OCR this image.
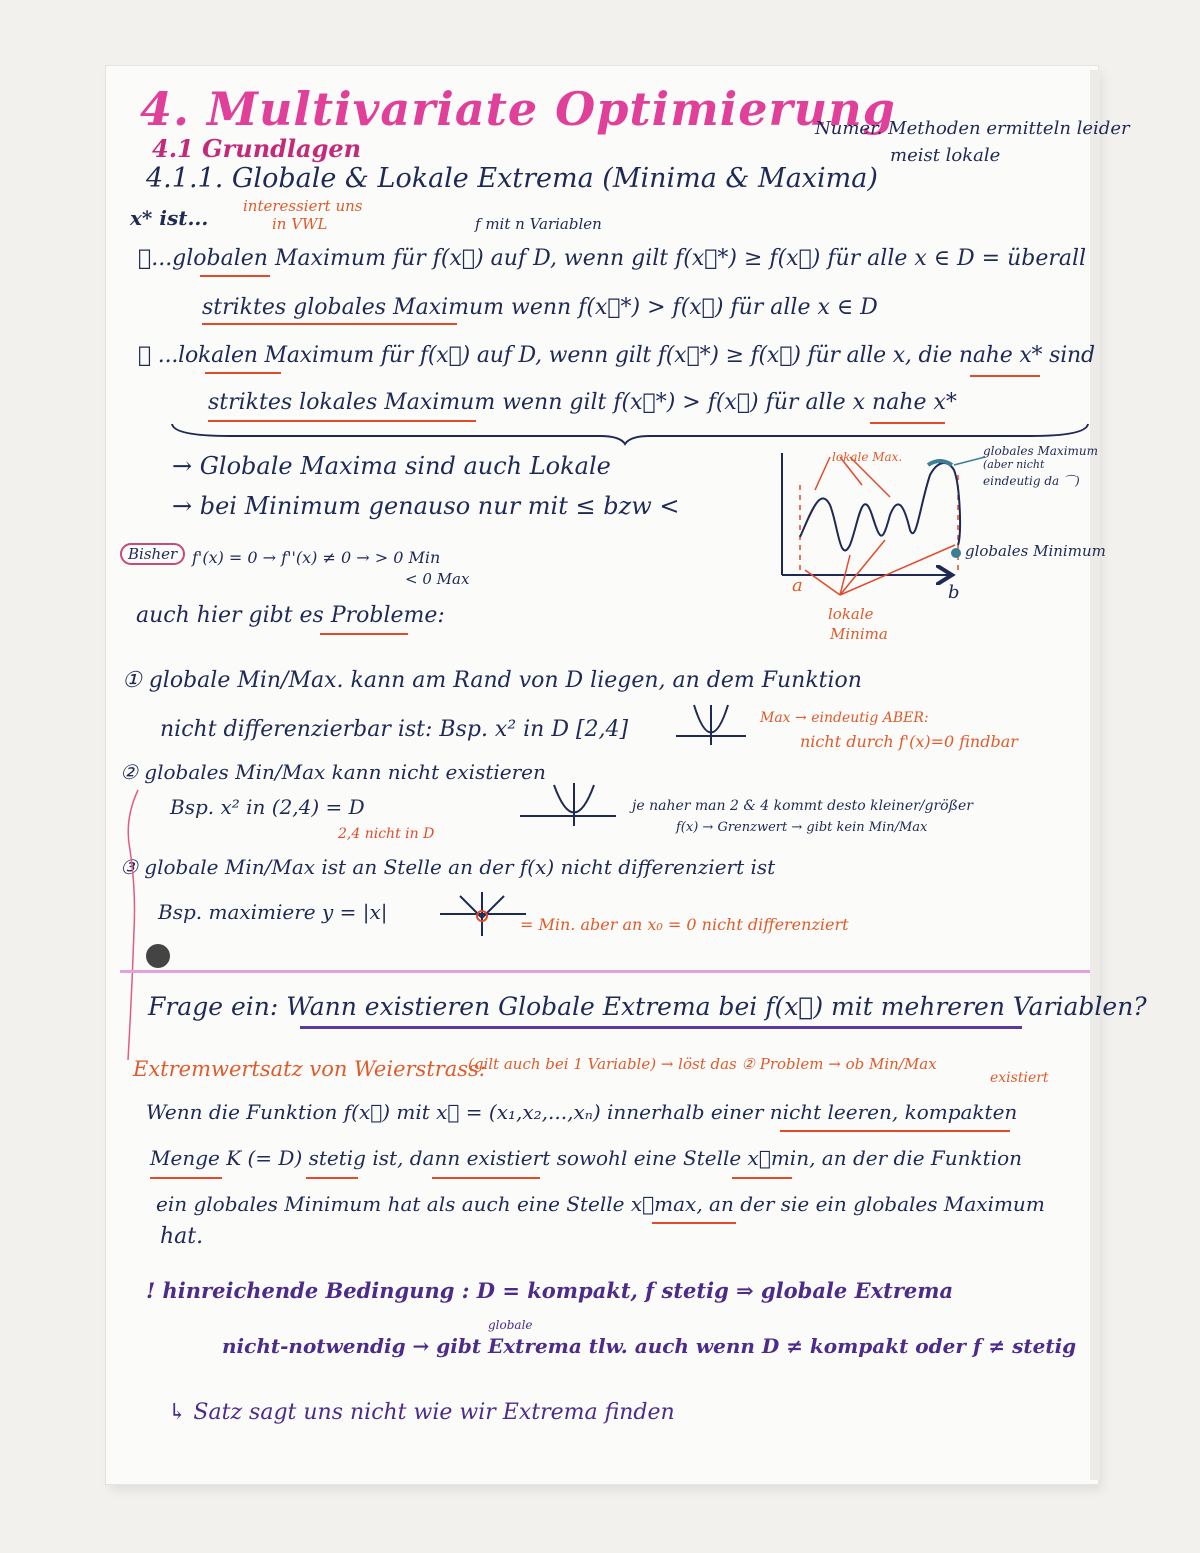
4. Multivariate Optimierung
4.1 Grundlagen
Numer. Methoden ermitteln leider
meist lokale
4.1.1. Globale & Lokale Extrema (Minima & Maxima)
x* ist... interessiert uns
in VWL	f mit n Variablen
①...globalen Maximum für f(x⃗) auf D, wenn gilt f(x⃗*) ≥ f(x⃗) für alle x ∈ D = überall
striktes globales Maximum wenn f(x⃗*) > f(x⃗) für alle x ∈ D
② ...lokalen Maximum für f(x⃗) auf D, wenn gilt f(x⃗*) ≥ f(x⃗) für alle x, die nahe x* sind
striktes lokales Maximum wenn gilt f(x⃗*) > f(x⃗) für alle x nahe x*
→ Globale Maxima sind auch Lokale
→ bei Minimum genauso nur mit ≤ bzw <
Bisher f'(x) = 0 → f''(x) ≠ 0 → > 0 Min
< 0 Max
auch hier gibt es Probleme:
lokale Max.	globales Maximum
(aber nicht
eindeutig da ⌒)
globales Minimum
a	b
lokale
Minima
① globale Min/Max. kann am Rand von D liegen, an dem Funktion
nicht differenzierbar ist: Bsp. x² in D [2,4]	Max → eindeutig ABER:
nicht durch f'(x)=0 findbar
② globales Min/Max kann nicht existieren
Bsp. x² in (2,4) = D
2,4 nicht in D
je naher man 2 & 4 kommt desto kleiner/größer
f(x) → Grenzwert → gibt kein Min/Max
③ globale Min/Max ist an Stelle an der f(x) nicht differenziert ist
Bsp. maximiere y = |x|
= Min. aber an x₀ = 0 nicht differenziert
Frage ein: Wann existieren Globale Extrema bei f(x⃗) mit mehreren Variablen?
Extremwertsatz von Weierstrass:
(gilt auch bei 1 Variable) → löst das ② Problem → ob Min/Max
existiert
Wenn die Funktion f(x⃗) mit x⃗ = (x₁,x₂,...,xₙ) innerhalb einer nicht leeren, kompakten
Menge K (= D) stetig ist, dann existiert sowohl eine Stelle x⃗min, an der die Funktion
ein globales Minimum hat als auch eine Stelle x⃗max, an der sie ein globales Maximum
hat.
! hinreichende Bedingung : D = kompakt, f stetig ⇒ globale Extrema
globale
nicht-notwendig → gibt Extrema tlw. auch wenn D ≠ kompakt oder f ≠ stetig
↳ Satz sagt uns nicht wie wir Extrema finden
